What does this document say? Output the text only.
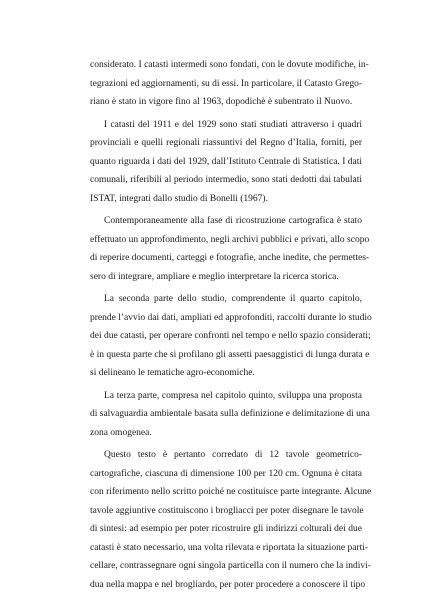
considerato. I catasti intermedi sono fondati, con le dovute modifiche, in-
tegrazioni ed aggiornamenti, su di essi. In particolare, il Catasto Grego-
riano è stato in vigore fino al 1963, dopodichè è subentrato il Nuovo.
I catasti del 1911 e del 1929 sono stati studiati attraverso i quadri
provinciali e quelli regionali riassuntivi del Regno d’Italia, forniti, per
quanto riguarda i dati del 1929, dall’Istituto Centrale di Statistica. I dati
comunali, riferibili al periodo intermedio, sono stati dedotti dai tabulati
ISTAT, integrati dallo studio di Bonelli (1967).
Contemporaneamente alla fase di ricostruzione cartografica è stato
effettuato un approfondimento, negli archivi pubblici e privati, allo scopo
di reperire documenti, carteggi e fotografie, anche inedite, che permettes-
sero di integrare, ampliare e meglio interpretare la ricerca storica.
La seconda parte dello studio, comprendente il quarto capitolo,
prende l’avvio dai dati, ampliati ed approfonditi, raccolti durante lo studio
dei due catasti, per operare confronti nel tempo e nello spazio considerati;
è in questa parte che si profilano gli assetti paesaggistici di lunga durata e
si delineano le tematiche agro-economiche.
La terza parte, compresa nel capitolo quinto, sviluppa una proposta
di salvaguardia ambientale basata sulla definizione e delimitazione di una
zona omogenea.
Questo testo è pertanto corredato di 12 tavole geometrico-
cartografiche, ciascuna di dimensione 100 per 120 cm. Ognuna è citata
con riferimento nello scritto poiché ne costituisce parte integrante. Alcune
tavole aggiuntive costituiscono i brogliacci per poter disegnare le tavole
di sintesi: ad esempio per poter ricostruire gli indirizzi colturali dei due
catasti è stato necessario, una volta rilevata e riportata la situazione parti-
cellare, contrassegnare ogni singola particella con il numero che la indivi-
dua nella mappa e nel brogliardo, per poter procedere a conoscere il tipo
